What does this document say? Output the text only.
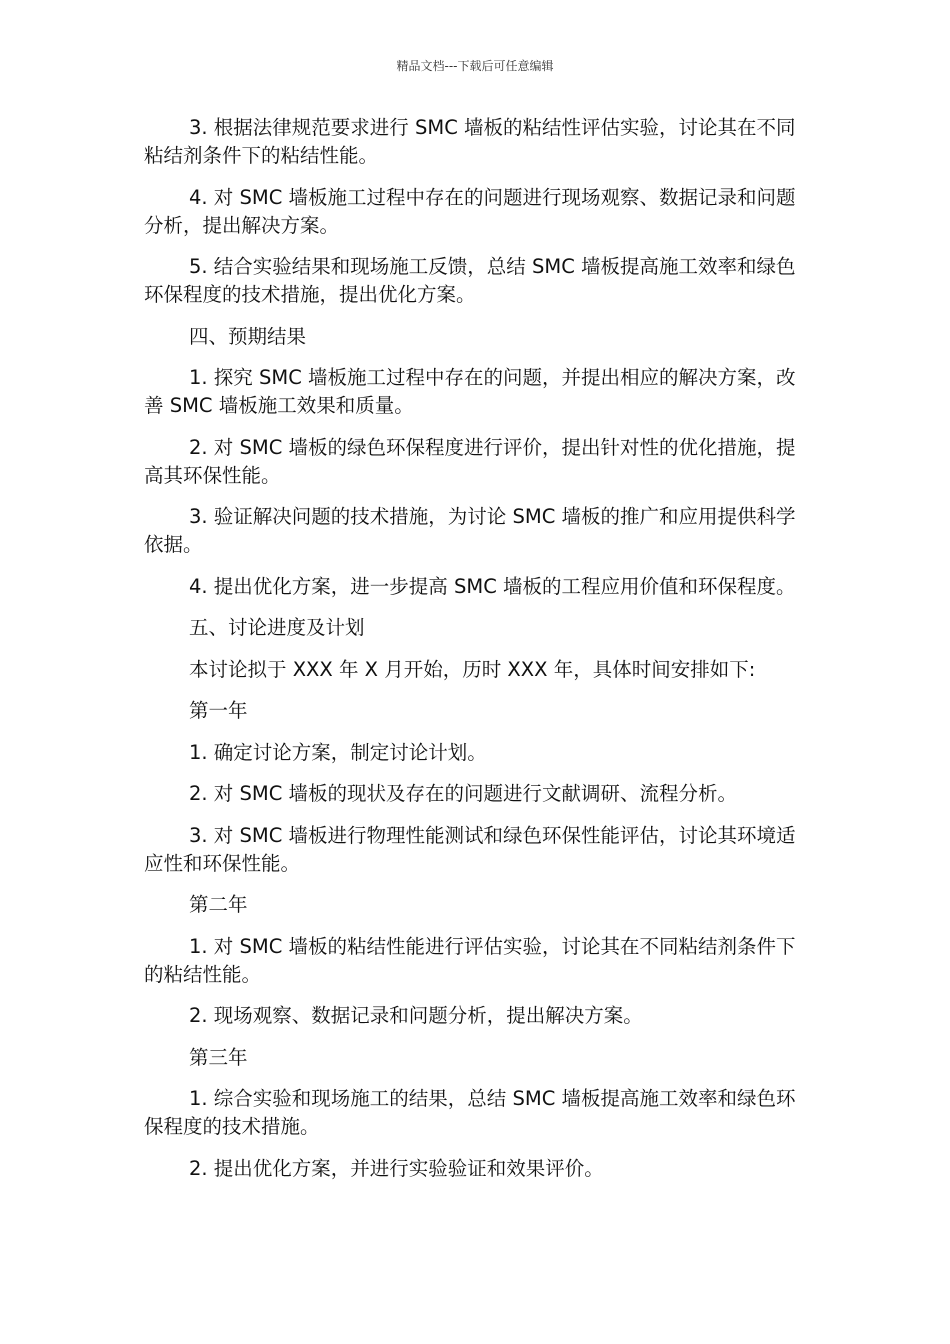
精品文档---下载后可任意编辑

3. 根据法律规范要求进行 SMC 墙板的粘结性评估实验，讨论其在不同粘结剂条件下的粘结性能。

4. 对 SMC 墙板施工过程中存在的问题进行现场观察、数据记录和问题分析，提出解决方案。

5. 结合实验结果和现场施工反馈，总结 SMC 墙板提高施工效率和绿色环保程度的技术措施，提出优化方案。

四、预期结果

1. 探究 SMC 墙板施工过程中存在的问题，并提出相应的解决方案，改善 SMC 墙板施工效果和质量。

2. 对 SMC 墙板的绿色环保程度进行评价，提出针对性的优化措施，提高其环保性能。

3. 验证解决问题的技术措施，为讨论 SMC 墙板的推广和应用提供科学依据。

4. 提出优化方案，进一步提高 SMC 墙板的工程应用价值和环保程度。

五、讨论进度及计划

本讨论拟于 XXX 年 X 月开始，历时 XXX 年，具体时间安排如下:

第一年

1. 确定讨论方案，制定讨论计划。

2. 对 SMC 墙板的现状及存在的问题进行文献调研、流程分析。

3. 对 SMC 墙板进行物理性能测试和绿色环保性能评估，讨论其环境适应性和环保性能。

第二年

1. 对 SMC 墙板的粘结性能进行评估实验，讨论其在不同粘结剂条件下的粘结性能。

2. 现场观察、数据记录和问题分析，提出解决方案。

第三年

1. 综合实验和现场施工的结果，总结 SMC 墙板提高施工效率和绿色环保程度的技术措施。

2. 提出优化方案，并进行实验验证和效果评价。
